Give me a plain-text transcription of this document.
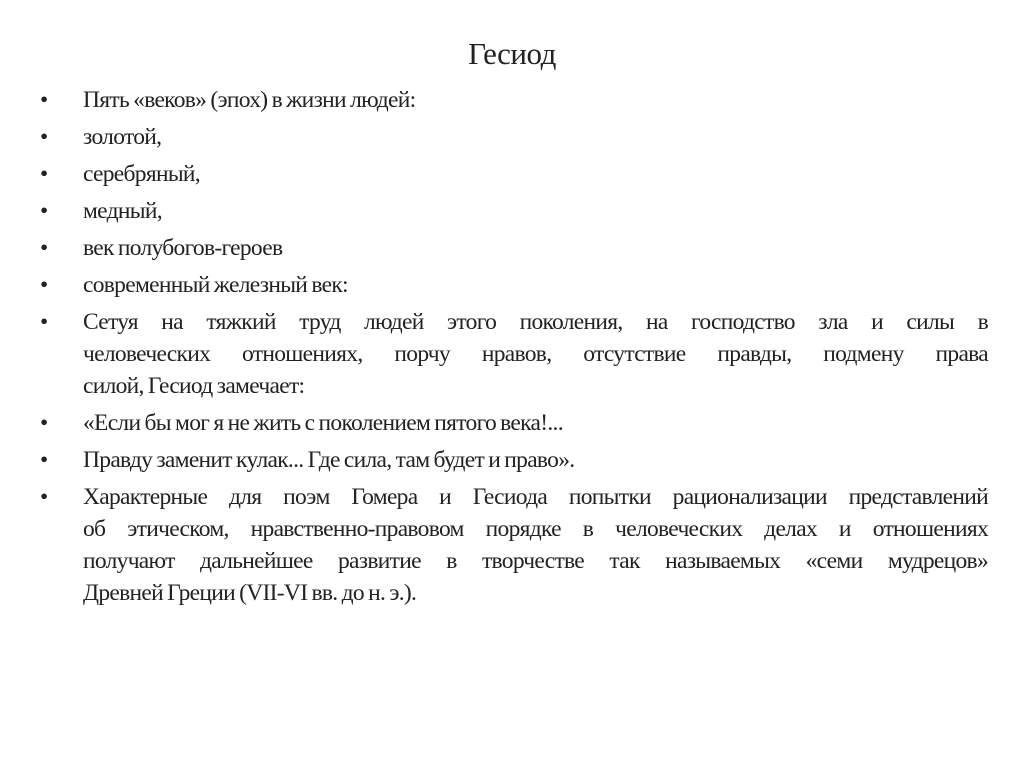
Гесиод
• Пять «веков» (эпох) в жизни людей:
• золотой,
• серебряный,
• медный,
• век полубогов-героев
• современный железный век:
• Сетуя на тяжкий труд людей этого поколения, на господство зла и силы в
человеческих отношениях, порчу нравов, отсутствие правды, подмену права
силой, Гесиод замечает:
• «Если бы мог я не жить с поколением пятого века!...
• Правду заменит кулак... Где сила, там будет и право».
• Характерные для поэм Гомера и Гесиода попытки рационализации представлений
об этическом, нравственно-правовом порядке в человеческих делах и отношениях
получают дальнейшее развитие в творчестве так называемых «семи мудрецов»
Древней Греции (VII-VI вв. до н. э.).
